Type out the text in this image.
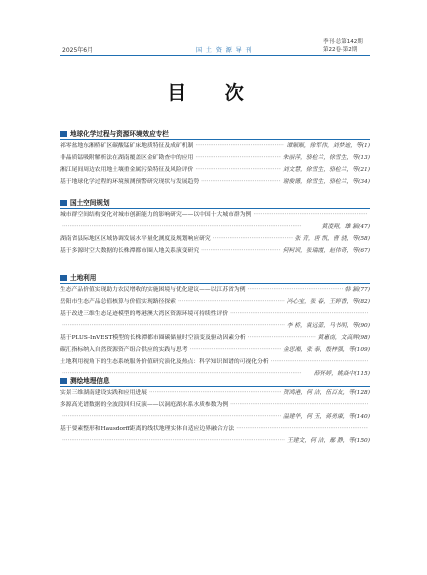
2025年6月	国 土 资 源 导 刊
季刊·总第142期
第22卷·第2期
目 次
地球化学过程与资源环境效应专栏
祁零盆地东湘桥矿区碳酸锰矿床地质特征及成矿机制 ·····	谭顺顺，徐军伟，刘梦迪，等(1)
非晶质锰吸附解析法在湖南覆盖区金矿勘查中的应用 ·····	朱丽萍，骆检兰，徐雪生，等(13)
湘江尾间周边农用地土壤重金属污染特征及风险评价 ·····	刘文慧，徐雪生，骆检兰，等(21)
基于地球化学过程的环境预测预警研究现状与发展趋势 ·····	谢俊德，徐雪生，骆检兰，等(34)
国土空间规划
城市群空间结构变化对城市创新能力的影响研究——以中国十大城市群为例
·····
·····
黄凌翔，雄 颖(47)
湖南省县际地区区域协调发展水平量化测度及规划响应研究 ·····	张 青，唐 凯，曹 骁，等(58)
基于多源时空大数据的长株潭都市圈人地关系演变研究 ·····	何柯训，张瑞霞，赵伟奇，等(67)
土地利用
生态产品价值实现助力农民增收的实施困境与优化建议——以江苏省为例 ·····	韩 颖(77)
岳阳市生态产品总值核算与价值实现路径探索 ·····	冯心宝，张 春，王婷香，等(82)
基于改进三维生态足迹模型的粤港澳大湾区资源环境可持续性评价
·····
·····
李 桥，袁远蕾，马书明，等(90)
基于PLUS-InVEST模型的长株潭都市圈碳储量时空演变及驱动因素分析 ·····	黄惠南，文高辉(98)
碳汇指标纳入自然资源资产组合供应的实践与思考 ·····	金思湘，张 泰，殷梓强，等(109)
土地利用视角下的生态系统服务价值研究演化及热点：科学知识图谱的可视化分析
·····
·····
薛怀婷，姚焱中(115)
测绘地理信息
实景三维湖南建设实践和应用进展 ·····	贺鸿港，何 洁，伍百友，等(128)
多源高光谱数据的全波段回归反演——以洞庭湖水系水质参数为例
·····
·····
温建华，何 玉，蒋勇康，等(140)
基于要素整形和Hausdorff距离的线状地理实体自适应边界融合方法
·····
·····
王建文，何 洁，鄢 静，等(150)
